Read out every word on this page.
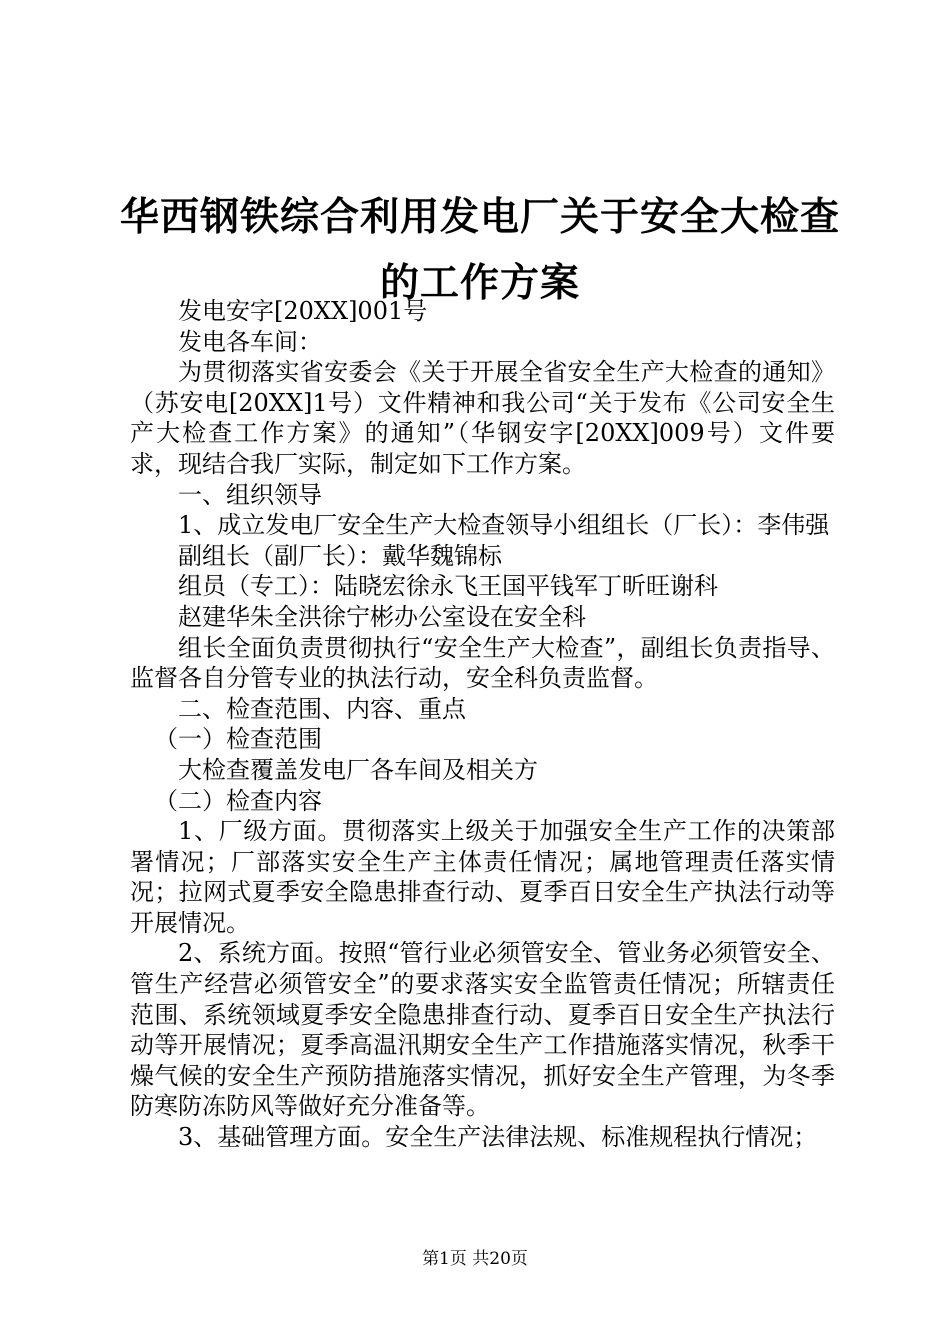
华西钢铁综合利用发电厂关于安全大检查的工作方案

发电安字[20XX]001号

发电各车间：

为贯彻落实省安委会《关于开展全省安全生产大检查的通知》（苏安电[20XX]1号）文件精神和我公司“关于发布《公司安全生产大检查工作方案》的通知”（华钢安字[20XX]009号）文件要求，现结合我厂实际，制定如下工作方案。

一、组织领导

1、成立发电厂安全生产大检查领导小组组长（厂长）：李伟强

副组长（副厂长）：戴华魏锦标

组员（专工）：陆晓宏徐永飞王国平钱军丁昕旺谢科

赵建华朱全洪徐宁彬办公室设在安全科

组长全面负责贯彻执行“安全生产大检查”，副组长负责指导、监督各自分管专业的执法行动，安全科负责监督。

二、检查范围、内容、重点

（一）检查范围

大检查覆盖发电厂各车间及相关方

（二）检查内容

1、厂级方面。贯彻落实上级关于加强安全生产工作的决策部署情况；厂部落实安全生产主体责任情况；属地管理责任落实情况；拉网式夏季安全隐患排查行动、夏季百日安全生产执法行动等开展情况。

2、系统方面。按照“管行业必须管安全、管业务必须管安全、管生产经营必须管安全”的要求落实安全监管责任情况；所辖责任范围、系统领域夏季安全隐患排查行动、夏季百日安全生产执法行动等开展情况；夏季高温汛期安全生产工作措施落实情况，秋季干燥气候的安全生产预防措施落实情况，抓好安全生产管理，为冬季防寒防冻防风等做好充分准备等。

3、基础管理方面。安全生产法律法规、标准规程执行情况；

第1页 共20页
